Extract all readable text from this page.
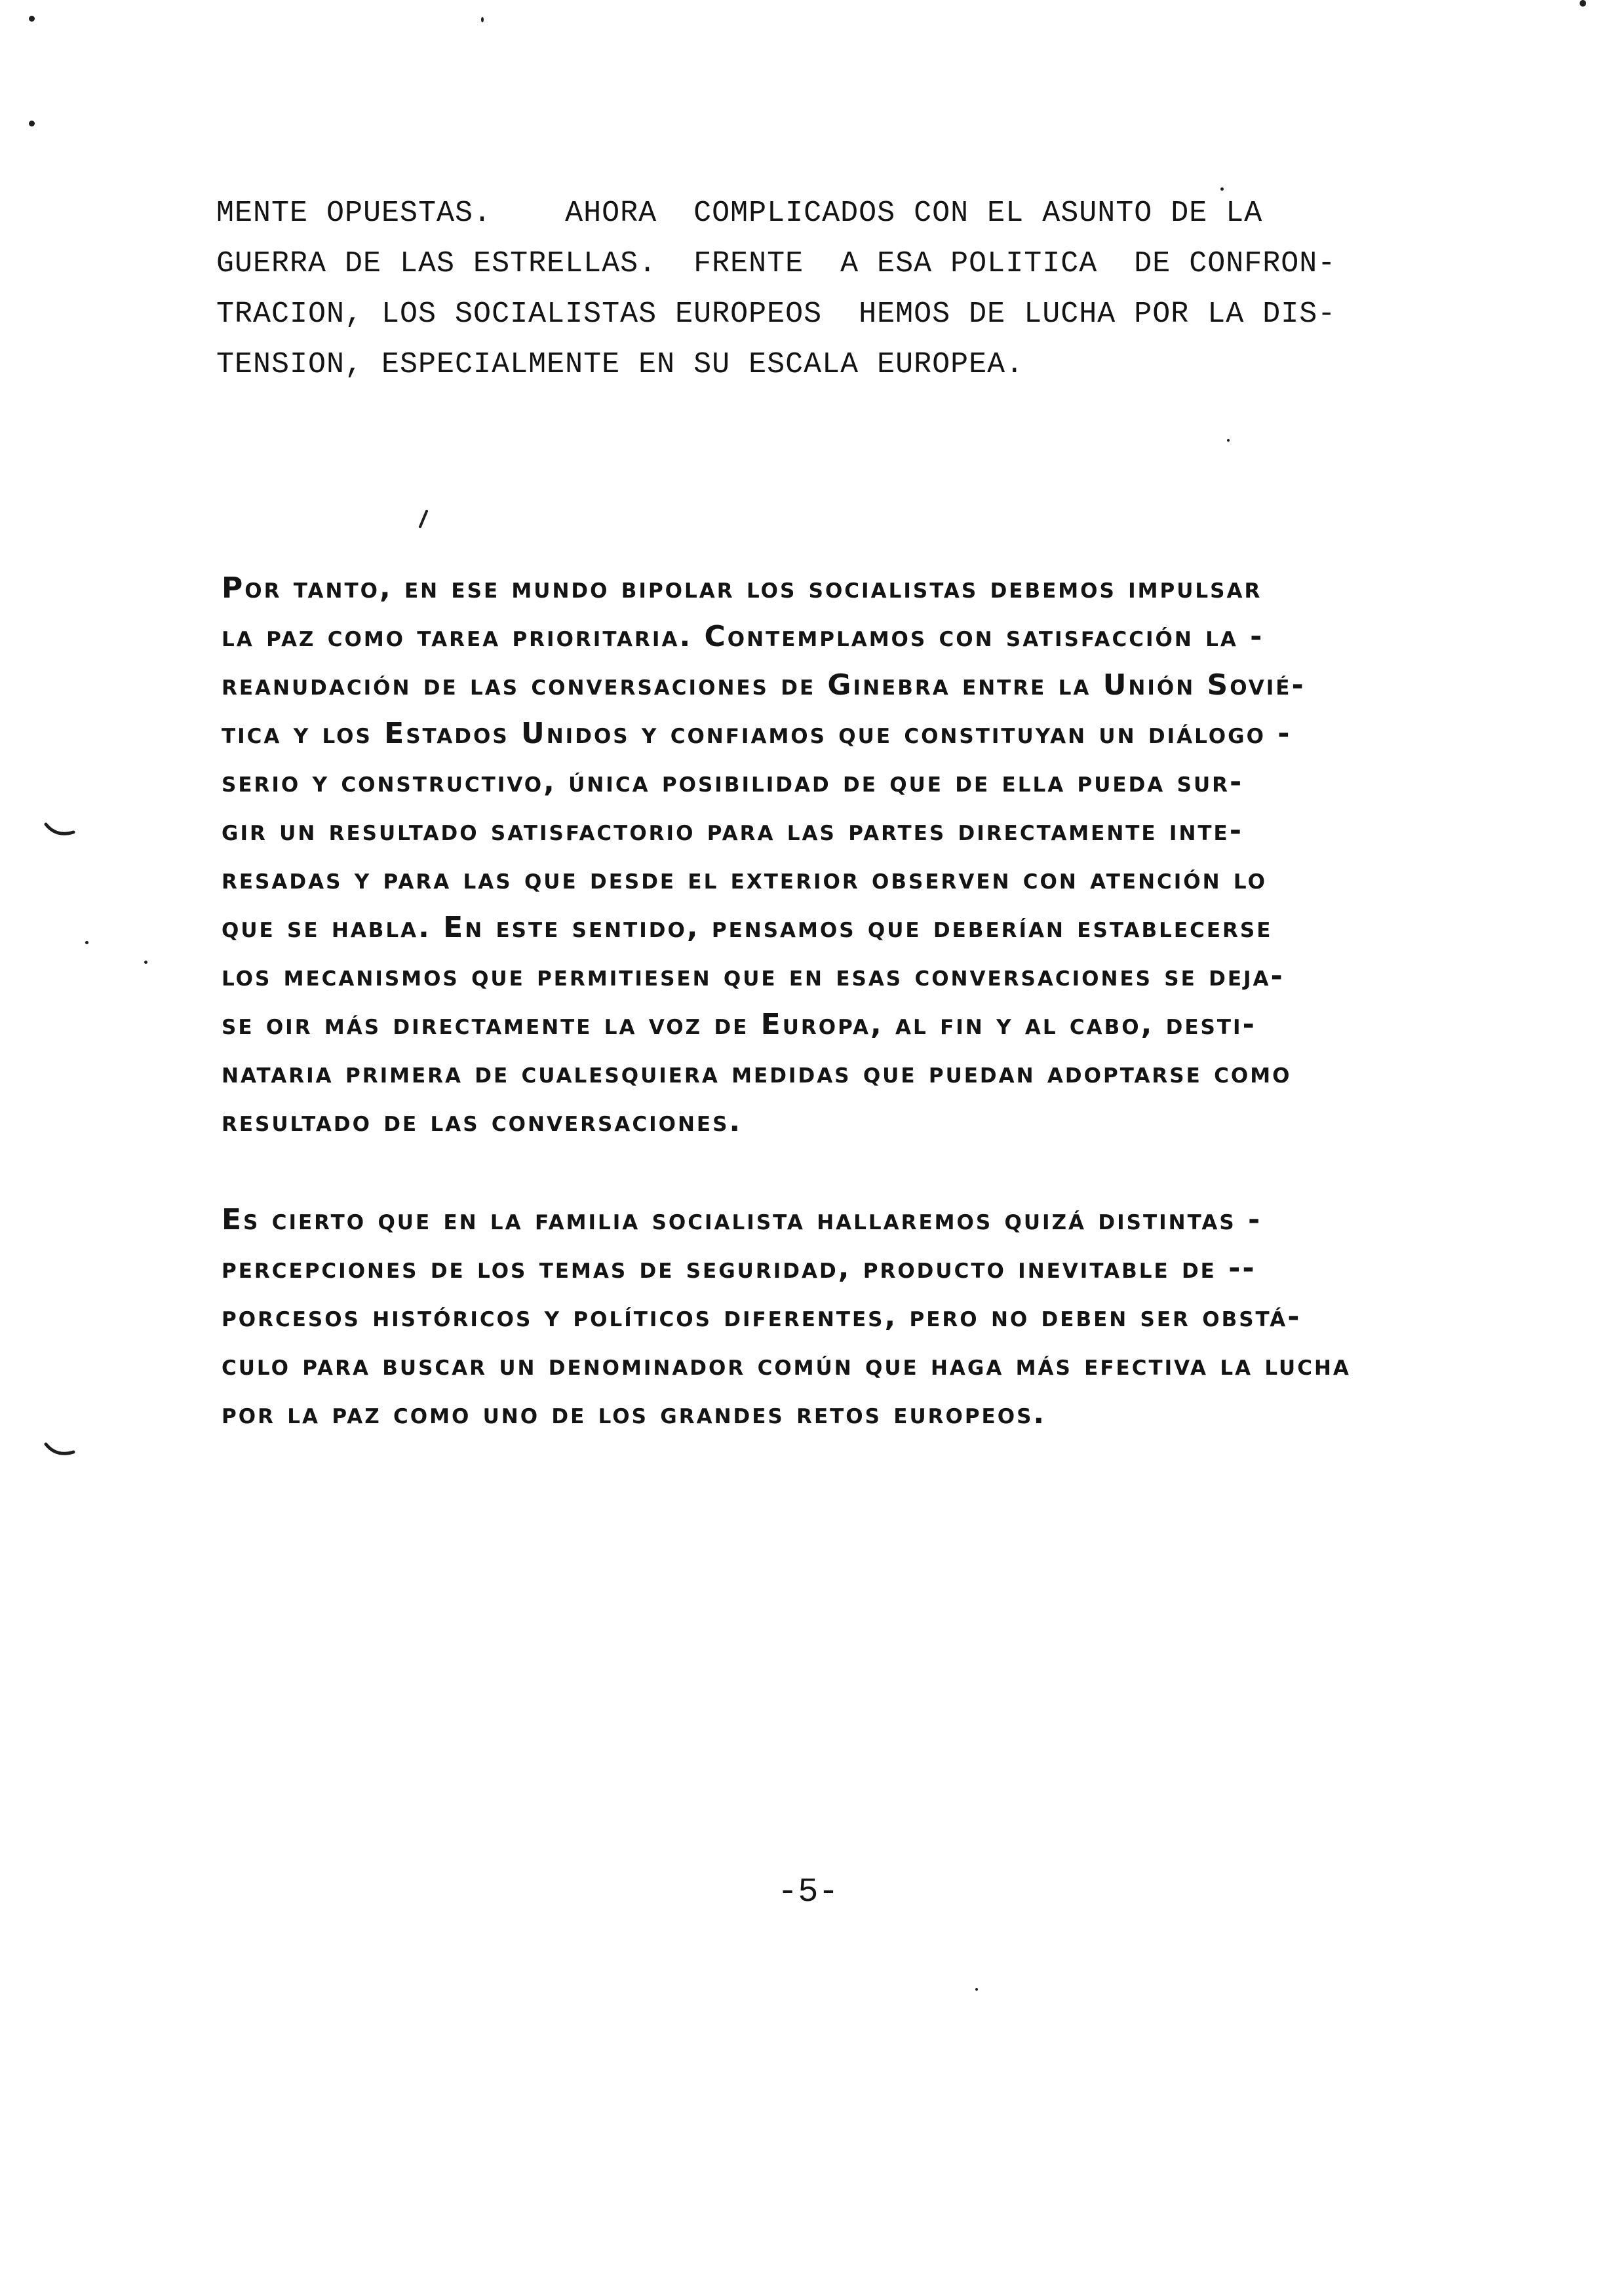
MENTE OPUESTAS.    AHORA  COMPLICADOS CON EL ASUNTO DE LA

GUERRA DE LAS ESTRELLAS.  FRENTE  A ESA POLITICA  DE CONFRON-

TRACION, LOS SOCIALISTAS EUROPEOS  HEMOS DE LUCHA POR LA DIS-

TENSION, ESPECIALMENTE EN SU ESCALA EUROPEA.

Por tanto, en ese mundo bipolar los socialistas debemos impulsar

la paz como tarea prioritaria. Contemplamos con satisfacción la -

reanudación de las conversaciones de Ginebra entre la Unión Sovié-

tica y los Estados Unidos y confiamos que constituyan un diálogo -

serio y constructivo, única posibilidad de que de ella pueda sur-

gir un resultado satisfactorio para las partes directamente inte-

resadas y para las que desde el exterior observen con atención lo

que se habla. En este sentido, pensamos que deberían establecerse

los mecanismos que permitiesen que en esas conversaciones se deja-

se oir más directamente la voz de Europa, al fin y al cabo, desti-

nataria primera de cualesquiera medidas que puedan adoptarse como

resultado de las conversaciones.

Es cierto que en la familia socialista hallaremos quizá distintas -

percepciones de los temas de seguridad, producto inevitable de --

porcesos históricos y políticos diferentes, pero no deben ser obstá-

culo para buscar un denominador común que haga más efectiva la lucha

por la paz como uno de los grandes retos europeos.

-5-
